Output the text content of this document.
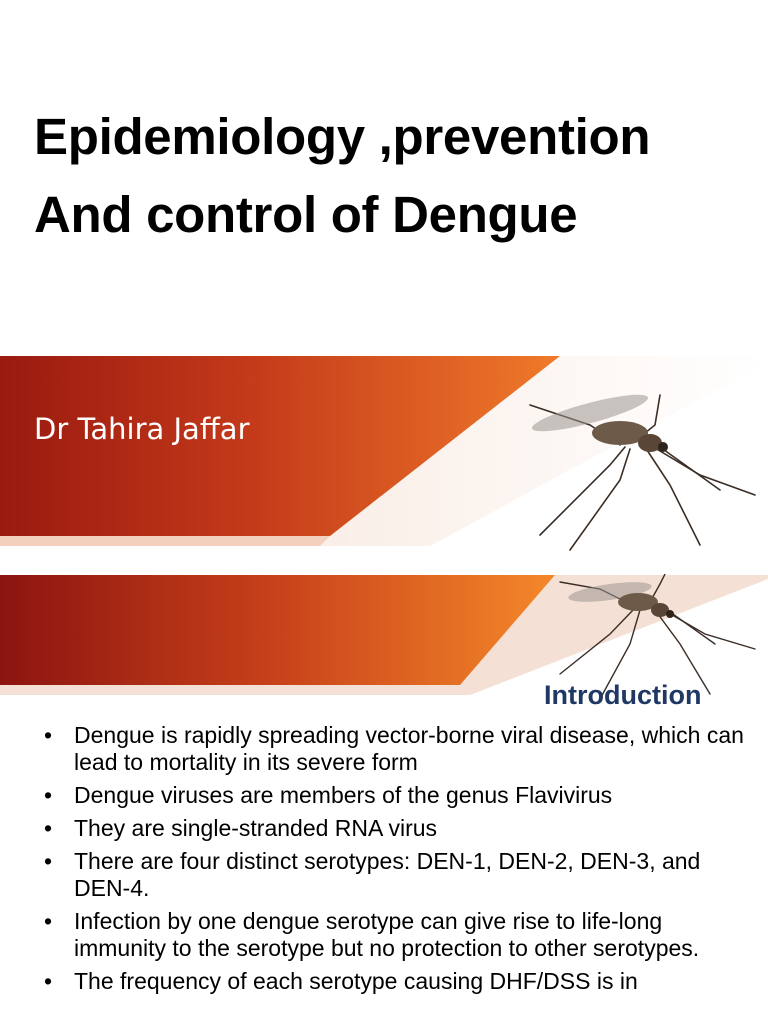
Epidemiology ,prevention
And control of Dengue
Dr Tahira Jaffar
Introduction
• Dengue is rapidly spreading vector-borne viral disease, which can lead to mortality in its severe form
• Dengue viruses are members of the genus Flavivirus
• They are single-stranded RNA virus
• There are four distinct serotypes: DEN-1, DEN-2, DEN-3, and DEN-4.
• Infection by one dengue serotype can give rise to life-long immunity to the serotype but no protection to other serotypes.
• The frequency of each serotype causing DHF/DSS is in
